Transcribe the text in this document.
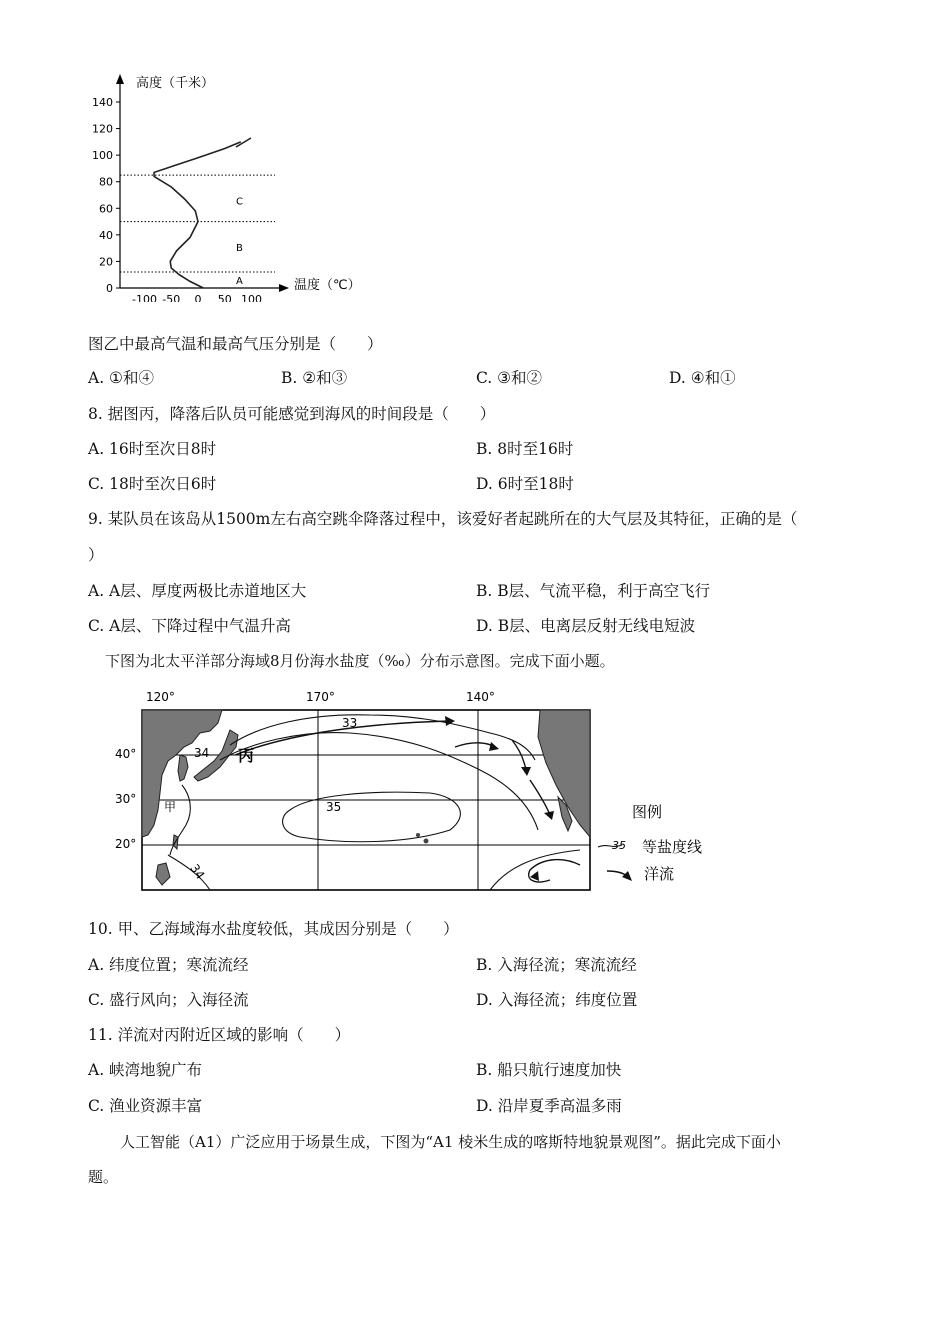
高度（千米）
温度（℃）
0
20
40
60
80
100
120
140
-100 -50 0 50 100
A
B
C
图乙中最高气温和最高气压分别是（　　）
A. ①和④	B. ②和③	C. ③和②	D. ④和①
8. 据图丙，降落后队员可能感觉到海风的时间段是（　　）
A. 16时至次日8时	B. 8时至16时
C. 18时至次日6时	D. 6时至18时
9. 某队员在该岛从1500m左右高空跳伞降落过程中，该爱好者起跳所在的大气层及其特征，正确的是（
）
A. A层、厚度两极比赤道地区大	B. B层、气流平稳，利于高空飞行
C. A层、下降过程中气温升高	D. B层、电离层反射无线电短波
下图为北太平洋部分海域8月份海水盐度（‰）分布示意图。完成下面小题。
120°	170°	140°
40°
30°
20°
33
34
35
34
丙
甲	图例
35 等盐度线
洋流
10. 甲、乙海域海水盐度较低，其成因分别是（　　）
A. 纬度位置；寒流流经	B. 入海径流；寒流流经
C. 盛行风向；入海径流	D. 入海径流；纬度位置
11. 洋流对丙附近区域的影响（　　）
A. 峡湾地貌广布	B. 船只航行速度加快
C. 渔业资源丰富	D. 沿岸夏季高温多雨
人工智能（A1）广泛应用于场景生成，下图为“A1 棱米生成的喀斯特地貌景观图”。据此完成下面小
题。
